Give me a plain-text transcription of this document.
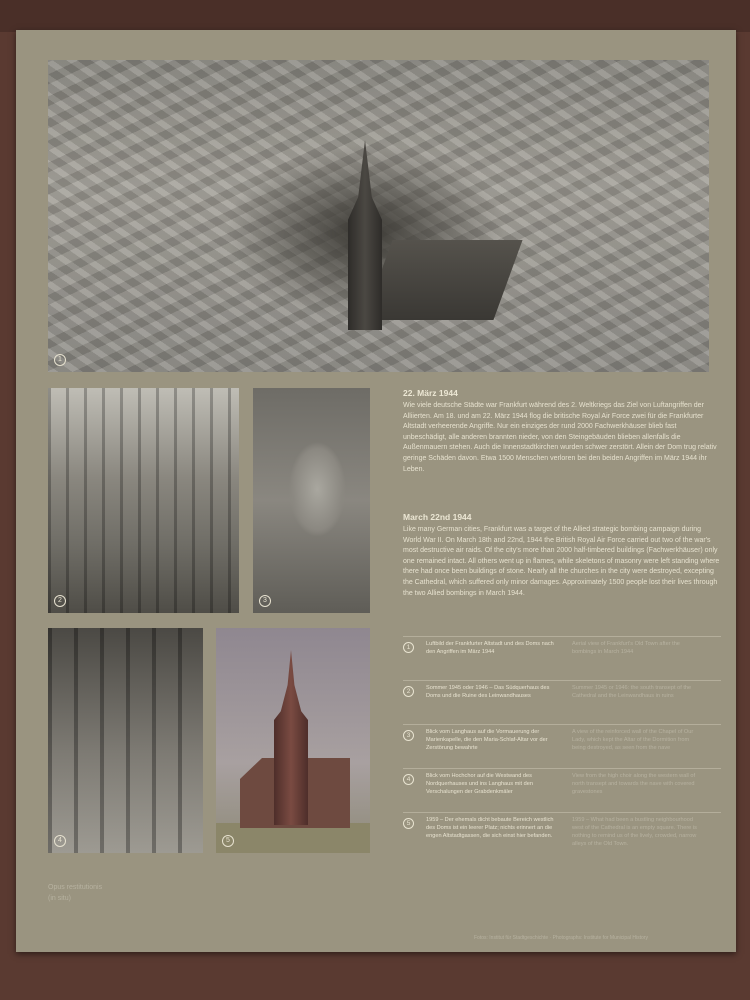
1
2	3
4	5
22. März 1944
Wie viele deutsche Städte war Frankfurt während des 2. Weltkriegs das Ziel von Luftangriffen der Alliierten. Am 18. und am 22. März 1944 flog die britische Royal Air Force zwei für die Frankfurter Altstadt verheerende Angriffe. Nur ein einziges der rund 2000 Fachwerkhäuser blieb fast unbeschädigt, alle anderen brannten nieder, von den Steingebäuden blieben allenfalls die Außenmauern stehen. Auch die Innenstadtkirchen wurden schwer zerstört. Allein der Dom trug relativ geringe Schäden davon. Etwa 1500 Menschen verloren bei den beiden Angriffen im März 1944 ihr Leben.
March 22nd 1944
Like many German cities, Frankfurt was a target of the Allied strategic bombing campaign during World War II. On March 18th and 22nd, 1944 the British Royal Air Force carried out two of the war's most destructive air raids. Of the city's more than 2000 half-timbered buildings (Fachwerkhäuser) only one remained intact. All others went up in flames, while skeletons of masonry were left standing where there had once been buildings of stone. Nearly all the churches in the city were destroyed, excepting the Cathedral, which suffered only minor damages. Approximately 1500 people lost their lives through the two Allied bombings in March 1944.
1	Luftbild der Frankfurter Altstadt und des Doms nach den Angriffen im März 1944
Aerial view of Frankfurt's Old Town after the bombings in March 1944
2	Sommer 1945 oder 1946 – Das Südquerhaus des Doms und die Ruine des Leinwandhauses
Summer 1945 or 1946: the south transept of the Cathedral and the Leinwandhaus in ruins
3	Blick vom Langhaus auf die Vormauerung der Marienkapelle, die den Maria-Schlaf-Altar vor der Zerstörung bewahrte
A view of the reinforced wall of the Chapel of Our Lady, which kept the Altar of the Dormition from being destroyed, as seen from the nave
4	Blick vom Hochchor auf die Westwand des Nordquerhauses und ins Langhaus mit den Verschalungen der Grabdenkmäler
View from the high choir along the western wall of north transept and towards the nave with covered gravestones
5	1959 – Der ehemals dicht bebaute Bereich westlich des Doms ist ein leerer Platz; nichts erinnert an die engen Altstadtgassen, die sich einst hier befanden.
1959 – What had been a bustling neighbourhood west of the Cathedral is an empty square. There is nothing to remind us of the lively, crowded, narrow alleys of the Old Town.
Opus restitutionis
(in situ)
Fotos: Institut für Stadtgeschichte · Photographs: Institute for Municipal History
